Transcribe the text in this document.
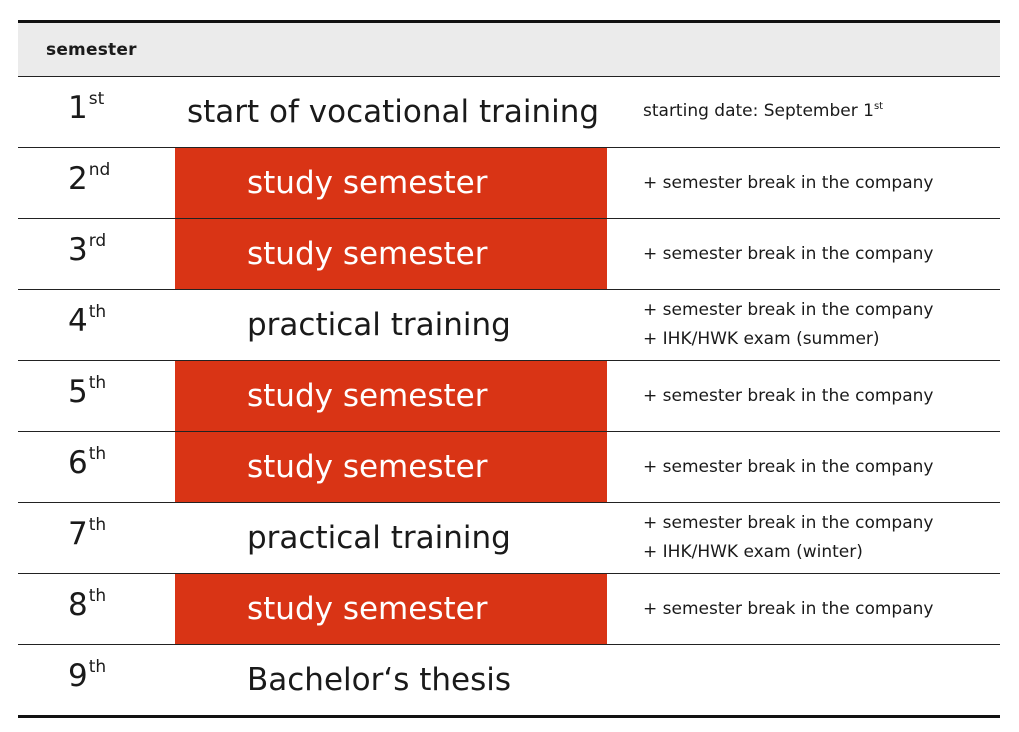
semester
1st	start of vocational training	starting date: September 1st
2nd	study semester	+ semester break in the company
3rd	study semester	+ semester break in the company
4th	practical training	+ semester break in the company
+ IHK/HWK exam (summer)
5th	study semester	+ semester break in the company
6th	study semester	+ semester break in the company
7th	practical training	+ semester break in the company
+ IHK/HWK exam (winter)
8th	study semester	+ semester break in the company
9th	Bachelor‘s thesis
